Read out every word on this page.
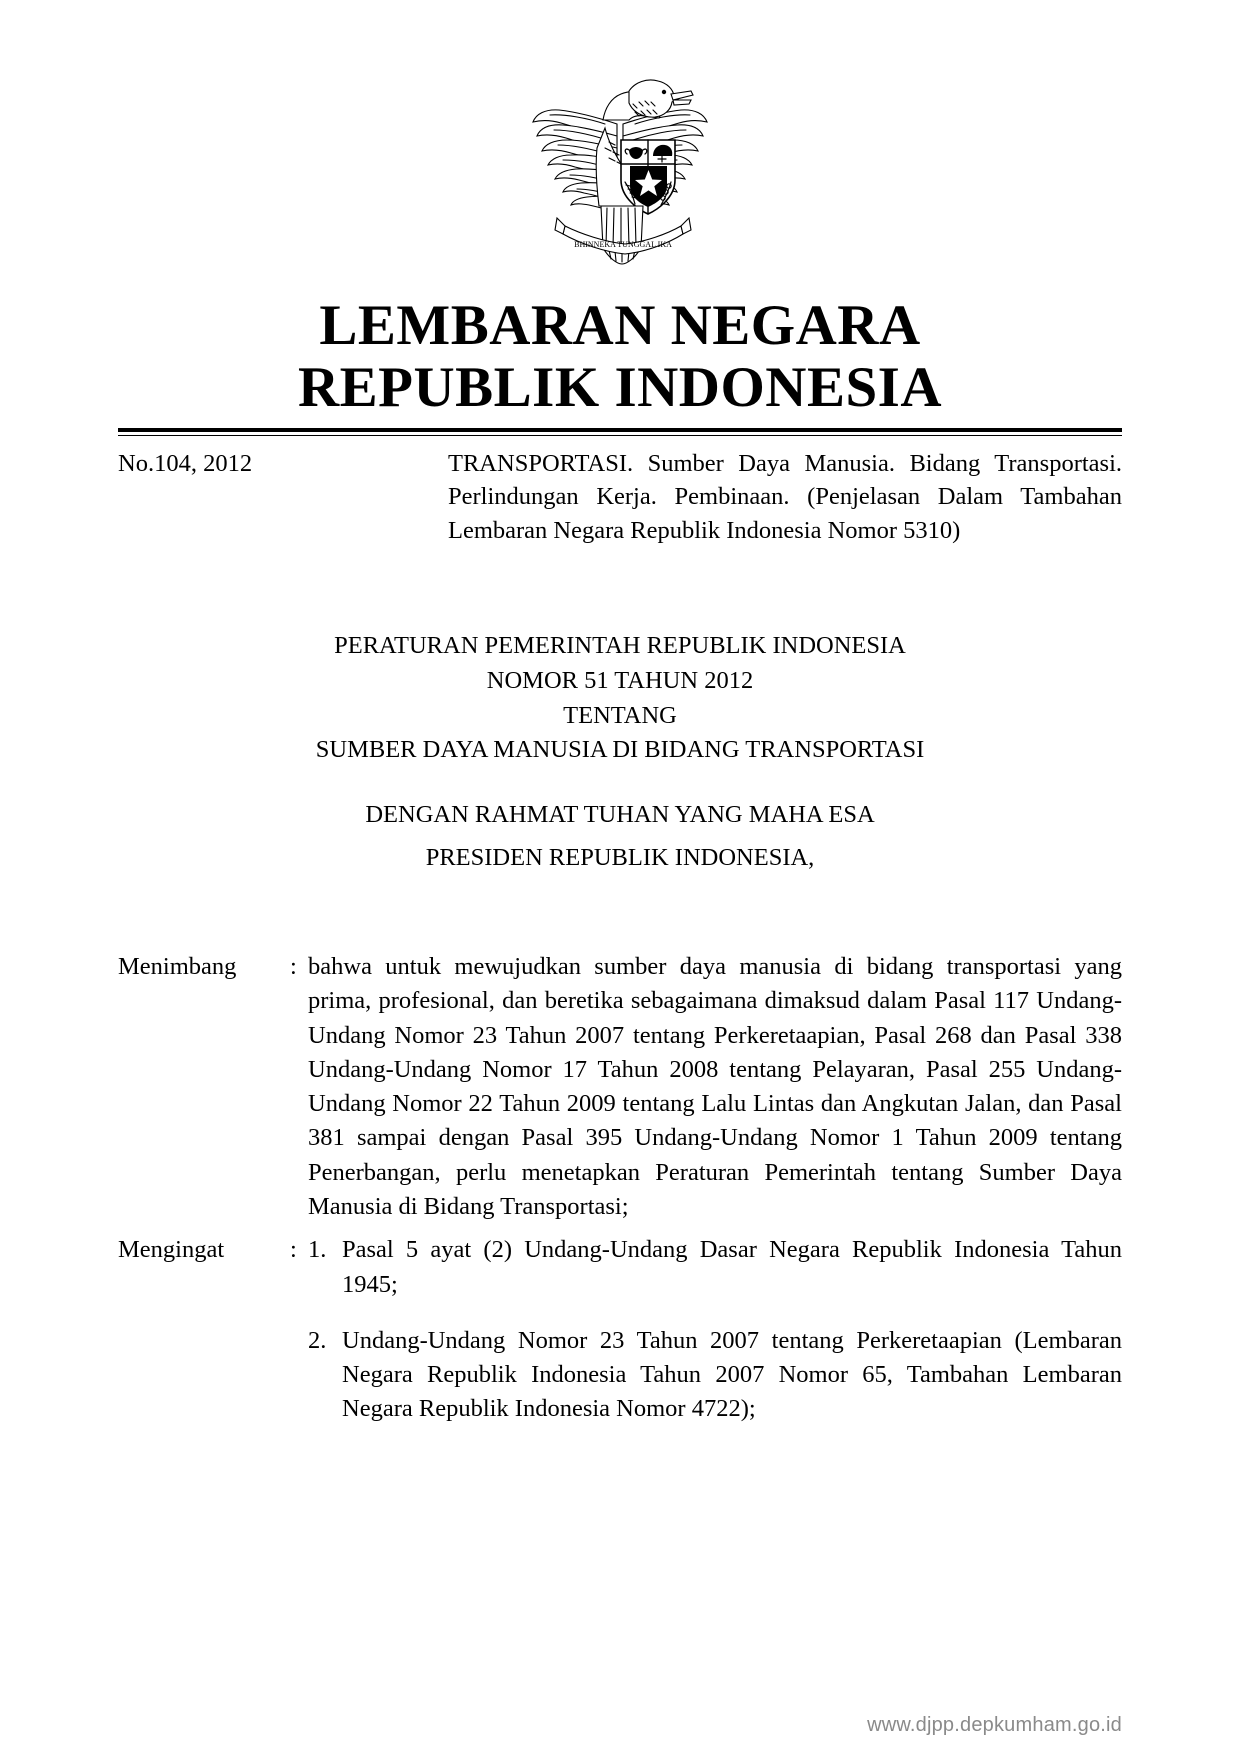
BHINNEKA TUNGGAL IKA
LEMBARAN NEGARA
REPUBLIK INDONESIA
No.104, 2012	TRANSPORTASI. Sumber Daya Manusia. Bidang Transportasi. Perlindungan Kerja. Pembinaan. (Penjelasan Dalam Tambahan Lembaran Negara Republik Indonesia Nomor 5310)

PERATURAN PEMERINTAH REPUBLIK INDONESIA
NOMOR 51 TAHUN 2012
TENTANG
SUMBER DAYA MANUSIA DI BIDANG TRANSPORTASI
DENGAN RAHMAT TUHAN YANG MAHA ESA
PRESIDEN REPUBLIK INDONESIA,
Menimbang	: bahwa untuk mewujudkan sumber daya manusia di bidang transportasi yang prima, profesional, dan beretika sebagaimana dimaksud dalam Pasal 117 Undang-Undang Nomor 23 Tahun 2007 tentang Perkeretaapian, Pasal 268 dan Pasal 338 Undang-Undang Nomor 17 Tahun 2008 tentang Pelayaran, Pasal 255 Undang-Undang Nomor 22 Tahun 2009 tentang Lalu Lintas dan Angkutan Jalan, dan Pasal 381 sampai dengan Pasal 395 Undang-Undang Nomor 1 Tahun 2009 tentang Penerbangan, perlu menetapkan Peraturan Pemerintah tentang Sumber Daya Manusia di Bidang Transportasi;

Mengingat	: 1. Pasal 5 ayat (2) Undang-Undang Dasar Negara Republik Indonesia Tahun 1945;
2. Undang-Undang Nomor 23 Tahun 2007 tentang Perkeretaapian (Lembaran Negara Republik Indonesia Tahun 2007 Nomor 65, Tambahan Lembaran Negara Republik Indonesia Nomor 4722);
www.djpp.depkumham.go.id
